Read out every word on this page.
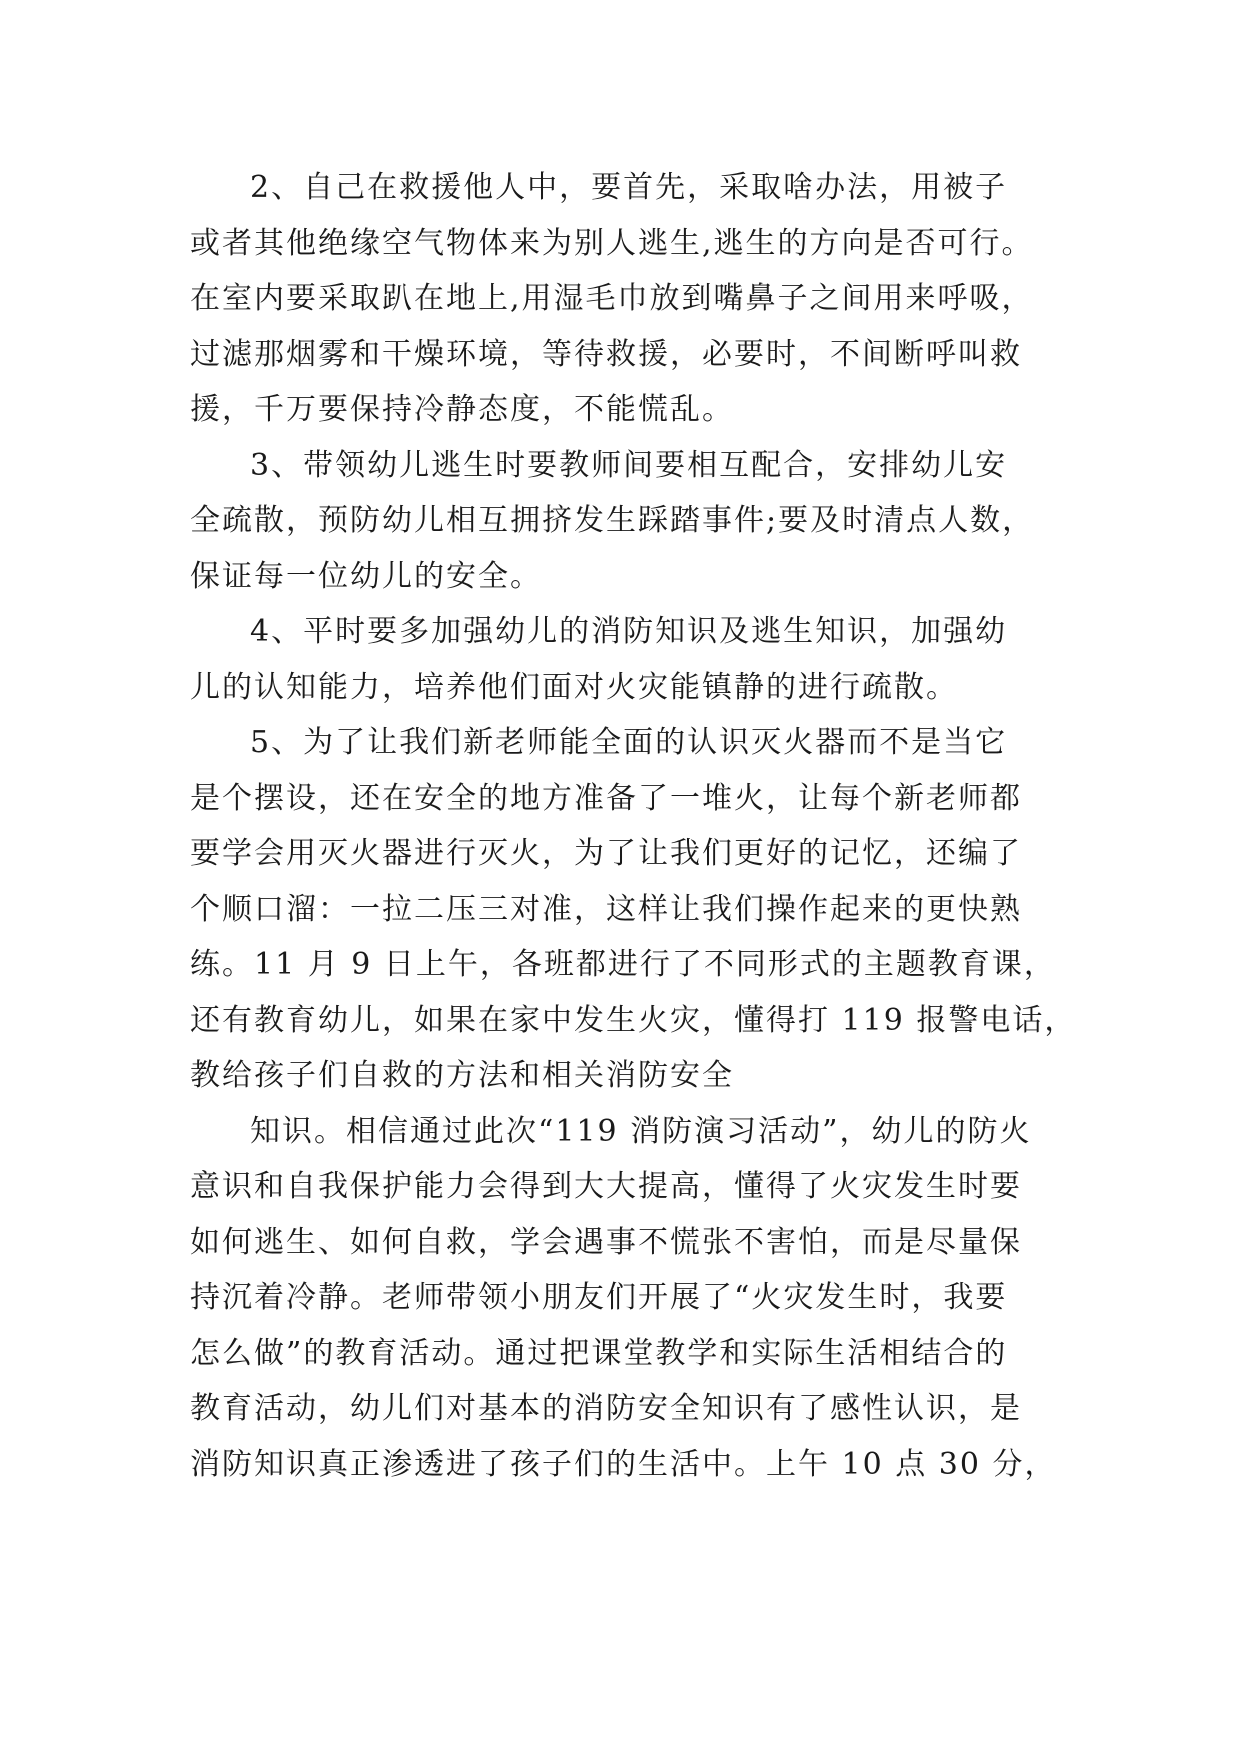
2、自己在救援他人中，要首先，采取啥办法，用被子
或者其他绝缘空气物体来为别人逃生,逃生的方向是否可行。
在室内要采取趴在地上,用湿毛巾放到嘴鼻子之间用来呼吸，
过滤那烟雾和干燥环境，等待救援，必要时，不间断呼叫救
援，千万要保持冷静态度，不能慌乱。
3、带领幼儿逃生时要教师间要相互配合，安排幼儿安
全疏散，预防幼儿相互拥挤发生踩踏事件;要及时清点人数，
保证每一位幼儿的安全。
4、平时要多加强幼儿的消防知识及逃生知识，加强幼
儿的认知能力，培养他们面对火灾能镇静的进行疏散。
5、为了让我们新老师能全面的认识灭火器而不是当它
是个摆设，还在安全的地方准备了一堆火，让每个新老师都
要学会用灭火器进行灭火，为了让我们更好的记忆，还编了
个顺口溜：一拉二压三对准，这样让我们操作起来的更快熟
练。11 月 9 日上午，各班都进行了不同形式的主题教育课，
还有教育幼儿，如果在家中发生火灾，懂得打 119 报警电话，
教给孩子们自救的方法和相关消防安全
知识。相信通过此次“119 消防演习活动”，幼儿的防火
意识和自我保护能力会得到大大提高，懂得了火灾发生时要
如何逃生、如何自救，学会遇事不慌张不害怕，而是尽量保
持沉着冷静。老师带领小朋友们开展了“火灾发生时，我要
怎么做”的教育活动。通过把课堂教学和实际生活相结合的
教育活动，幼儿们对基本的消防安全知识有了感性认识，是
消防知识真正渗透进了孩子们的生活中。上午 10 点 30 分，
